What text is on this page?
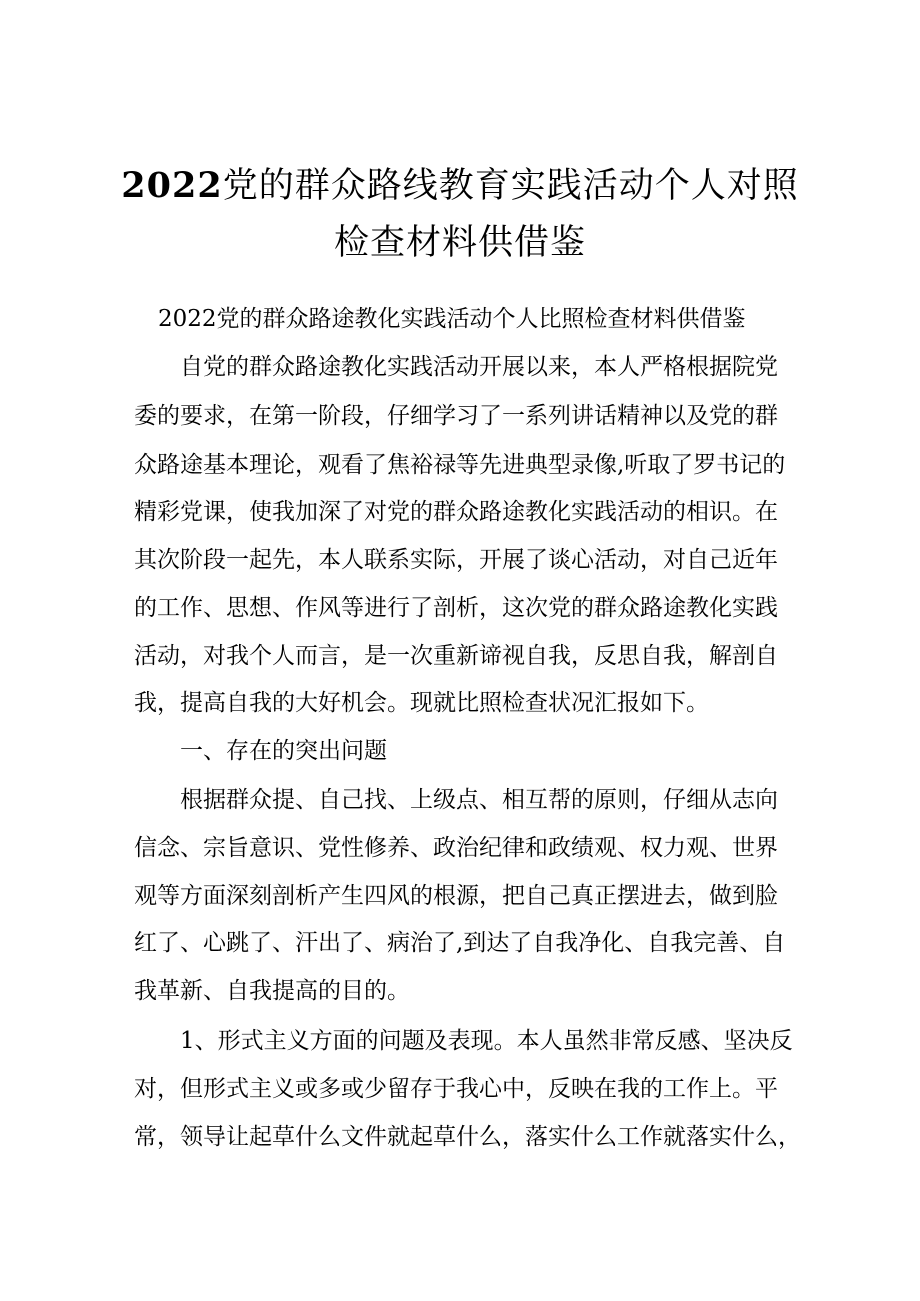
2022党的群众路线教育实践活动个人对照
检查材料供借鉴
2022党的群众路途教化实践活动个人比照检查材料供借鉴
自党的群众路途教化实践活动开展以来，本人严格根据院党
委的要求，在第一阶段，仔细学习了一系列讲话精神以及党的群
众路途基本理论，观看了焦裕禄等先进典型录像,听取了罗书记的
精彩党课，使我加深了对党的群众路途教化实践活动的相识。在
其次阶段一起先，本人联系实际，开展了谈心活动，对自己近年
的工作、思想、作风等进行了剖析，这次党的群众路途教化实践
活动，对我个人而言，是一次重新谛视自我，反思自我，解剖自
我，提高自我的大好机会。现就比照检查状况汇报如下。
一、存在的突出问题
根据群众提、自己找、上级点、相互帮的原则，仔细从志向
信念、宗旨意识、党性修养、政治纪律和政绩观、权力观、世界
观等方面深刻剖析产生四风的根源，把自己真正摆进去，做到脸
红了、心跳了、汗出了、病治了,到达了自我净化、自我完善、自
我革新、自我提高的目的。
1、形式主义方面的问题及表现。本人虽然非常反感、坚决反
对，但形式主义或多或少留存于我心中，反映在我的工作上。平
常，领导让起草什么文件就起草什么，落实什么工作就落实什么，
